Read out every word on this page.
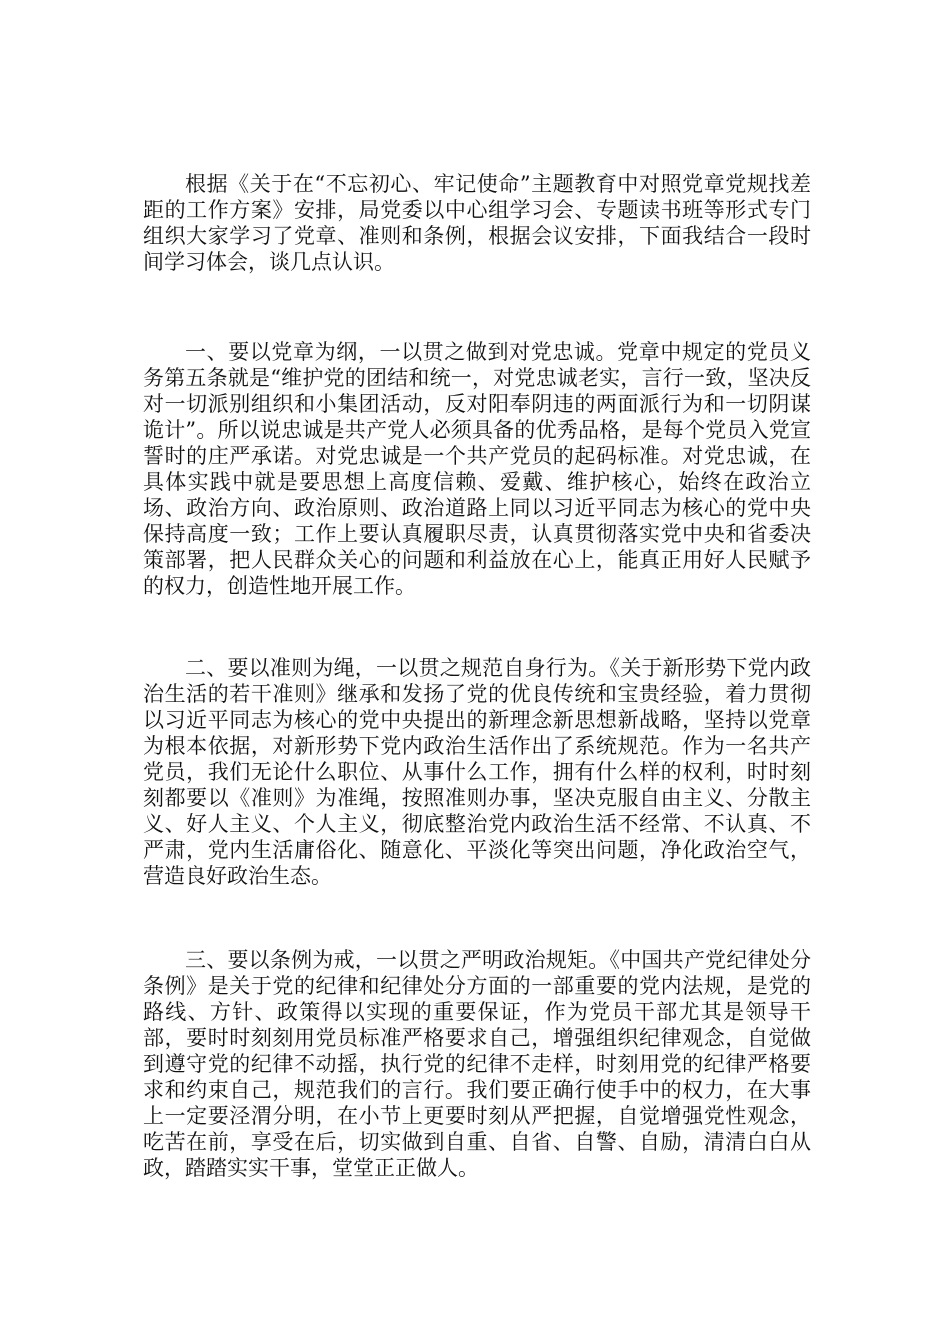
根据《关于在“不忘初心、牢记使命”主题教育中对照党章党规找差距的工作方案》安排，局党委以中心组学习会、专题读书班等形式专门组织大家学习了党章、准则和条例，根据会议安排，下面我结合一段时间学习体会，谈几点认识。

一、要以党章为纲，一以贯之做到对党忠诚。党章中规定的党员义务第五条就是“维护党的团结和统一，对党忠诚老实，言行一致，坚决反对一切派别组织和小集团活动，反对阳奉阴违的两面派行为和一切阴谋诡计”。所以说忠诚是共产党人必须具备的优秀品格，是每个党员入党宣誓时的庄严承诺。对党忠诚是一个共产党员的起码标准。对党忠诚，在具体实践中就是要思想上高度信赖、爱戴、维护核心，始终在政治立场、政治方向、政治原则、政治道路上同以习近平同志为核心的党中央保持高度一致；工作上要认真履职尽责，认真贯彻落实党中央和省委决策部署，把人民群众关心的问题和利益放在心上，能真正用好人民赋予的权力，创造性地开展工作。

二、要以准则为绳，一以贯之规范自身行为。《关于新形势下党内政治生活的若干准则》继承和发扬了党的优良传统和宝贵经验，着力贯彻以习近平同志为核心的党中央提出的新理念新思想新战略，坚持以党章为根本依据，对新形势下党内政治生活作出了系统规范。作为一名共产党员，我们无论什么职位、从事什么工作，拥有什么样的权利，时时刻刻都要以《准则》为准绳，按照准则办事，坚决克服自由主义、分散主义、好人主义、个人主义，彻底整治党内政治生活不经常、不认真、不严肃，党内生活庸俗化、随意化、平淡化等突出问题，净化政治空气，营造良好政治生态。

三、要以条例为戒，一以贯之严明政治规矩。《中国共产党纪律处分条例》是关于党的纪律和纪律处分方面的一部重要的党内法规，是党的路线、方针、政策得以实现的重要保证，作为党员干部尤其是领导干部，要时时刻刻用党员标准严格要求自己，增强组织纪律观念，自觉做到遵守党的纪律不动摇，执行党的纪律不走样，时刻用党的纪律严格要求和约束自己，规范我们的言行。我们要正确行使手中的权力，在大事上一定要泾渭分明，在小节上更要时刻从严把握，自觉增强党性观念，吃苦在前，享受在后，切实做到自重、自省、自警、自励，清清白白从政，踏踏实实干事，堂堂正正做人。
